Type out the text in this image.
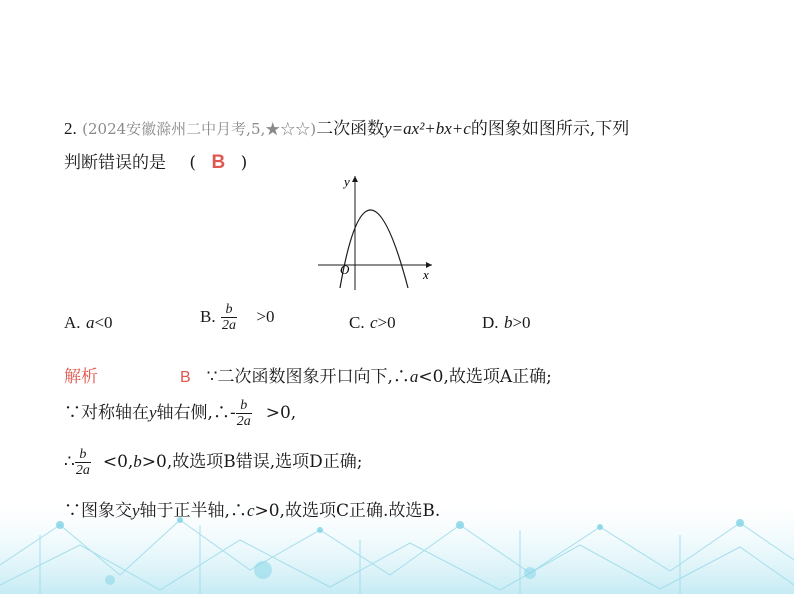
2. (2024安徽滁州二中月考,5,★☆☆)二次函数y=ax²+bx+c的图象如图所示,下列
判断错误的是 ( B )
y
x
O
A. a<0	B. $\frac{b}{2a} >0$	C. c>0	D. b>0
解析	B ∵二次函数图象开口向下,∴a<0,故选项A正确;
∵对称轴在y轴右侧,∴- $\frac{b}{2a} >0$,
∴ $\frac{b}{2a} <0,b>0$,故选项B错误,选项D正确;
∵图象交y轴于正半轴,∴c>0,故选项C正确.故选B.
